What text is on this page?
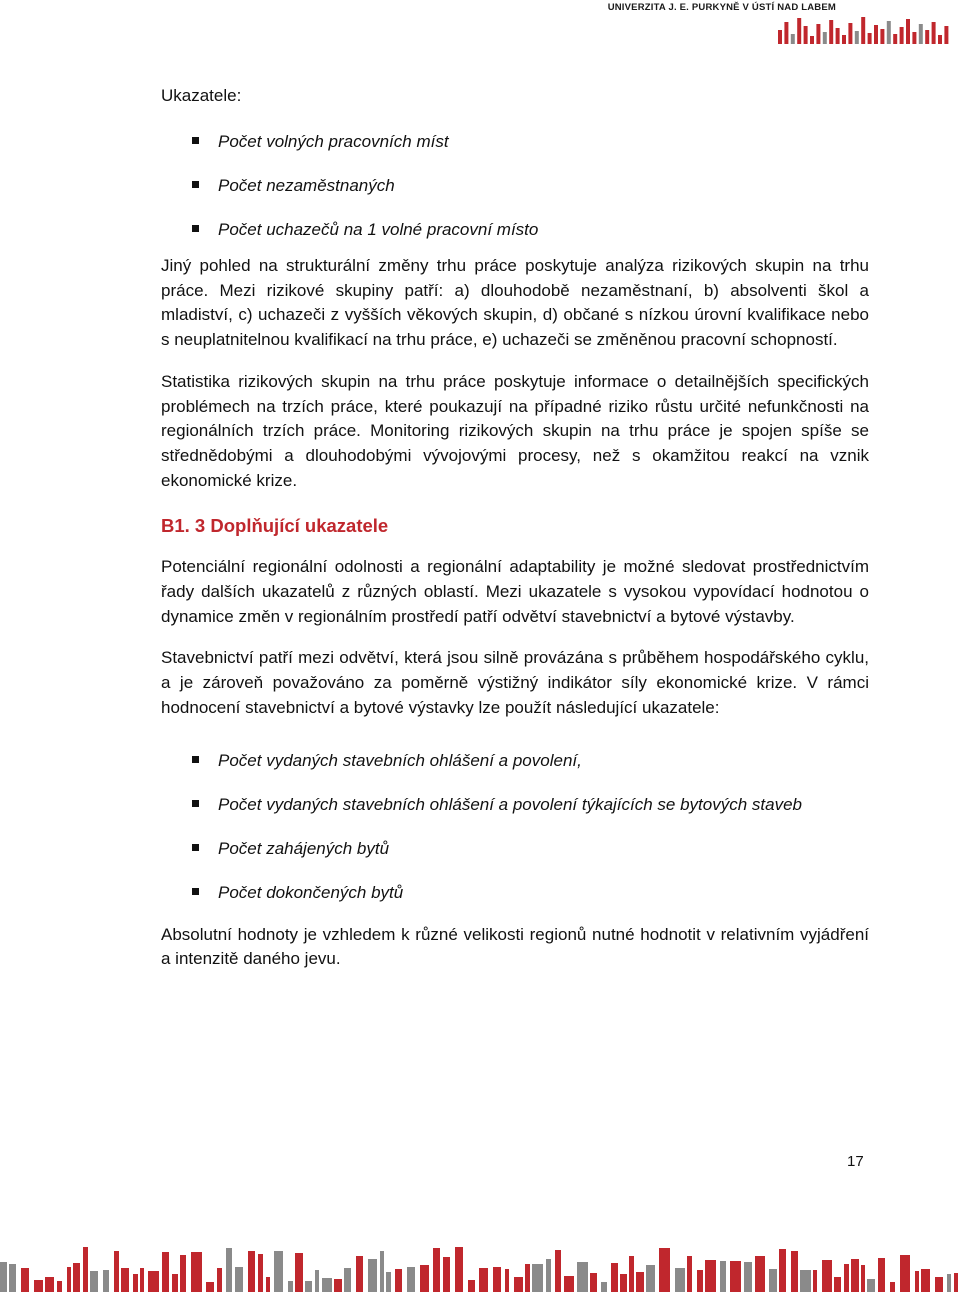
UNIVERZITA J. E. PURKYNĚ V ÚSTÍ NAD LABEM
Ukazatele:
Počet volných pracovních míst
Počet nezaměstnaných
Počet uchazečů na 1 volné pracovní místo

Jiný pohled na strukturální změny trhu práce poskytuje analýza rizikových skupin na trhu práce. Mezi rizikové skupiny patří: a) dlouhodobě nezaměstnaní, b) absolventi škol a mladiství, c) uchazeči z vyšších věkových skupin, d) občané s nízkou úrovní kvalifikace nebo s neuplatnitelnou kvalifikací na trhu práce, e) uchazeči se změněnou pracovní schopností.

Statistika rizikových skupin na trhu práce poskytuje informace o detailnějších specifických problémech na trzích práce, které poukazují na případné riziko růstu určité nefunkčnosti na regionálních trzích práce. Monitoring rizikových skupin na trhu práce je spojen spíše se střednědobými a dlouhodobými vývojovými procesy, než s okamžitou reakcí na vznik ekonomické krize.

B1. 3 Doplňující ukazatele

Potenciální regionální odolnosti a regionální adaptability je možné sledovat prostřednictvím řady dalších ukazatelů z různých oblastí. Mezi ukazatele s vysokou vypovídací hodnotou o dynamice změn v regionálním prostředí patří odvětví stavebnictví a bytové výstavby.

Stavebnictví patří mezi odvětví, která jsou silně provázána s průběhem hospodářského cyklu, a je zároveň považováno za poměrně výstižný indikátor síly ekonomické krize. V rámci hodnocení stavebnictví a bytové výstavky lze použít následující ukazatele:

Počet vydaných stavebních ohlášení a povolení,
Počet vydaných stavebních ohlášení a povolení týkajících se bytových staveb
Počet zahájených bytů
Počet dokončených bytů

Absolutní hodnoty je vzhledem k různé velikosti regionů nutné hodnotit v relativním vyjádření a intenzitě daného jevu.

17
